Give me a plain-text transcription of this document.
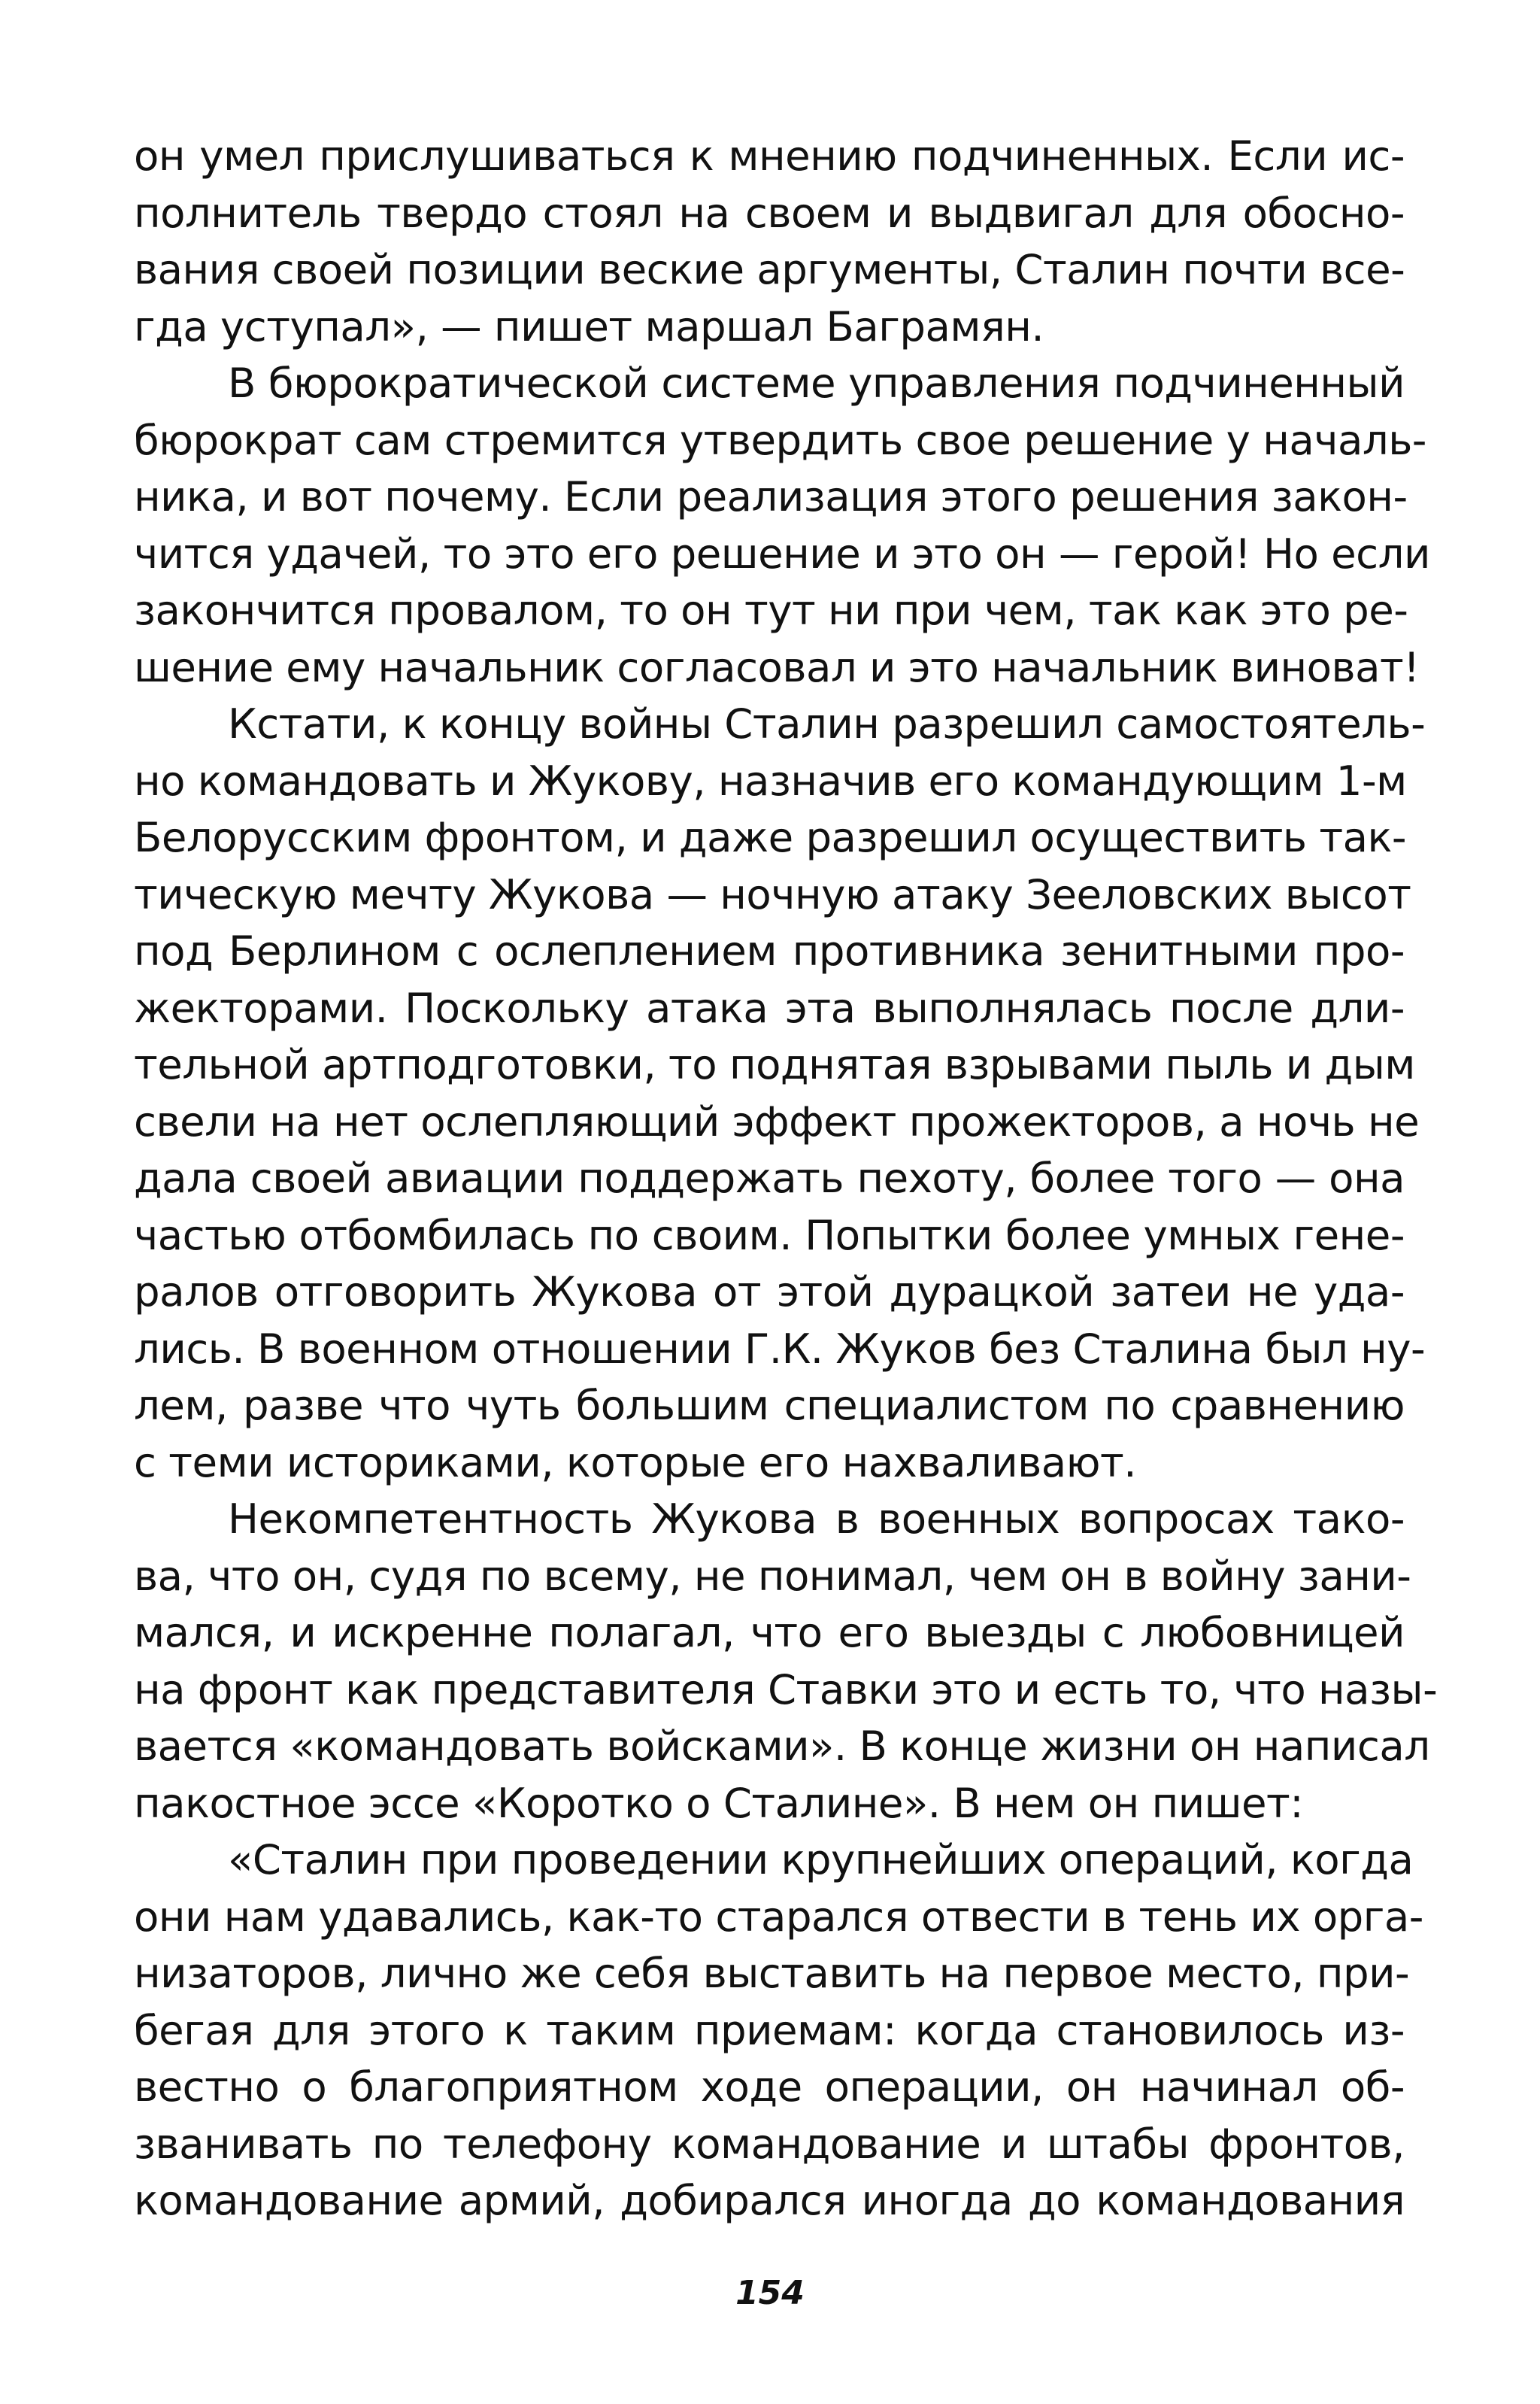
он умел прислушиваться к мнению подчиненных. Если ис-
полнитель твердо стоял на своем и выдвигал для обосно-
вания своей позиции веские аргументы, Сталин почти все-
гда уступал», — пишет маршал Баграмян.
В бюрократической системе управления подчиненный
бюрократ сам стремится утвердить свое решение у началь-
ника, и вот почему. Если реализация этого решения закон-
чится удачей, то это его решение и это он — герой! Но если
закончится провалом, то он тут ни при чем, так как это ре-
шение ему начальник согласовал и это начальник виноват!
Кстати, к концу войны Сталин разрешил самостоятель-
но командовать и Жукову, назначив его командующим 1-м
Белорусским фронтом, и даже разрешил осуществить так-
тическую мечту Жукова — ночную атаку Зееловских высот
под Берлином с ослеплением противника зенитными про-
жекторами. Поскольку атака эта выполнялась после дли-
тельной артподготовки, то поднятая взрывами пыль и дым
свели на нет ослепляющий эффект прожекторов, а ночь не
дала своей авиации поддержать пехоту, более того — она
частью отбомбилась по своим. Попытки более умных гене-
ралов отговорить Жукова от этой дурацкой затеи не уда-
лись. В военном отношении Г.К. Жуков без Сталина был ну-
лем, разве что чуть большим специалистом по сравнению
с теми историками, которые его нахваливают.
Некомпетентность Жукова в военных вопросах тако-
ва, что он, судя по всему, не понимал, чем он в войну зани-
мался, и искренне полагал, что его выезды с любовницей
на фронт как представителя Ставки это и есть то, что назы-
вается «командовать войсками». В конце жизни он написал
пакостное эссе «Коротко о Сталине». В нем он пишет:
«Сталин при проведении крупнейших операций, когда
они нам удавались, как-то старался отвести в тень их орга-
низаторов, лично же себя выставить на первое место, при-
бегая для этого к таким приемам: когда становилось из-
вестно о благоприятном ходе операции, он начинал об-
званивать по телефону командование и штабы фронтов,
командование армий, добирался иногда до командования
154
